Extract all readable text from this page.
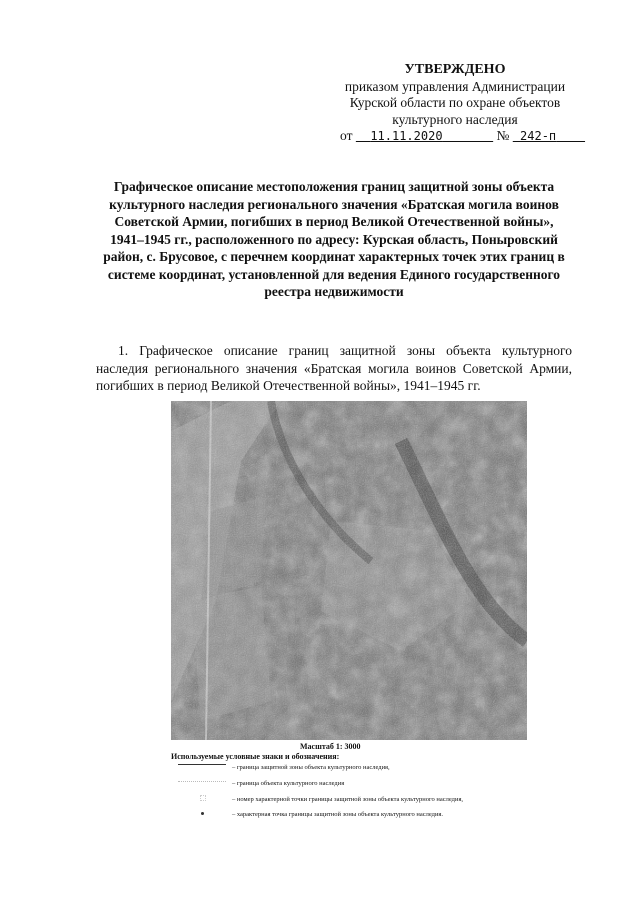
УТВЕРЖДЕНО
приказом управления Администрации
Курской области по охране объектов
культурного наследия
от 11.11.2020	№ 242-п
Графическое описание местоположения границ защитной зоны объекта культурного наследия регионального значения «Братская могила воинов Советской Армии, погибших в период Великой Отечественной войны», 1941–1945 гг., расположенного по адресу: Курская область, Поныровский район, с. Брусовое, с перечнем координат характерных точек этих границ в системе координат, установленной для ведения Единого государственного реестра недвижимости
1. Графическое описание границ защитной зоны объекта культурного наследия регионального значения «Братская могила воинов Советской Армии, погибших в период Великой Отечественной войны», 1941–1945 гг.
Масштаб 1: 3000
Используемые условные знаки и обозначения:
– граница защитной зоны объекта культурного наследия,
– граница объекта культурного наследия
– номер характерной точки границы защитной зоны объекта культурного наследия,
– характерная точка границы защитной зоны объекта культурного наследия.
